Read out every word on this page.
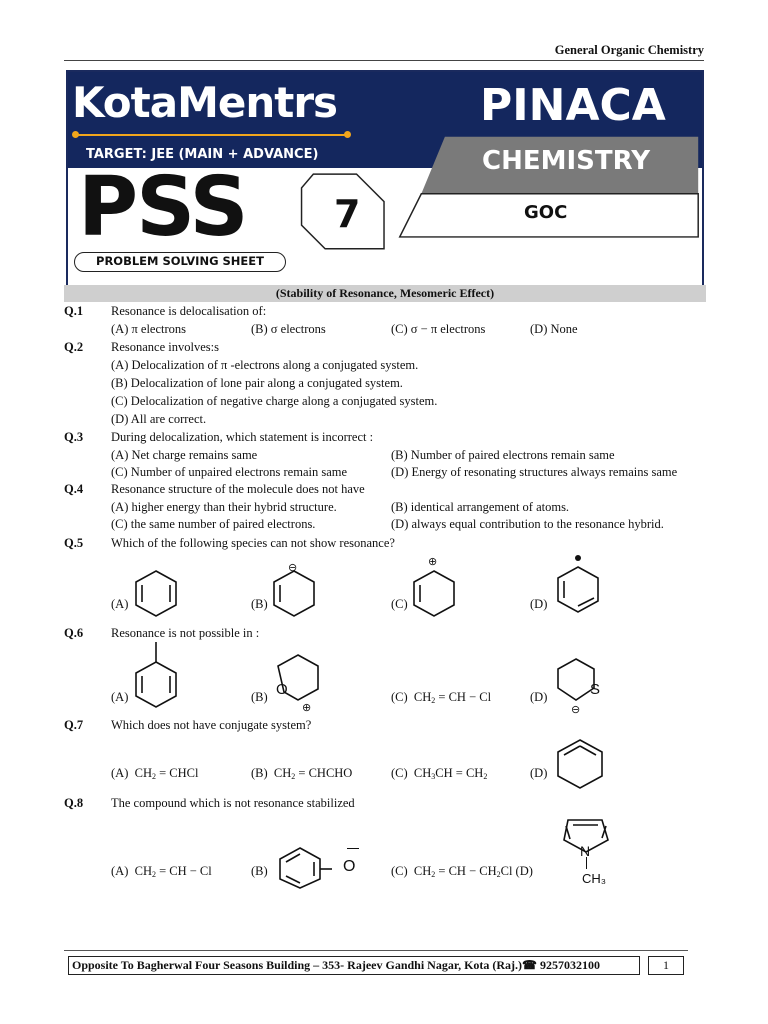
General Organic Chemistry
KotaMentrs
TARGET: JEE (MAIN + ADVANCE)
PINACA
CHEMISTRY
GOC
PSS 7
PROBLEM SOLVING SHEET
(Stability of Resonance, Mesomeric Effect)
Q.1 Resonance is delocalisation of:
(A) π electrons	(B) σ electrons	(C) σ − π electrons	(D) None
Q.2 Resonance involves:s
(A) Delocalization of π -electrons along a conjugated system.
(B) Delocalization of lone pair along a conjugated system.
(C) Delocalization of negative charge along a conjugated system.
(D) All are correct.
Q.3 During delocalization, which statement is incorrect :
(A) Net charge remains same	(B) Number of paired electrons remain same
(C) Number of unpaired electrons remain same	(D) Energy of resonating structures always remains same
Q.4 Resonance structure of the molecule does not have
(A) higher energy than their hybrid structure.	(B) identical arrangement of atoms.
(C) the same number of paired electrons.	(D) always equal contribution to the resonance hybrid.
Q.5 Which of the following species can not show resonance?
(A)	(B)
⊖
(C)
⊕
(D)
Q.6 Resonance is not possible in :
(A)	(B) O
⊕
(C)  $CH_2$ = CH − Cl	(D)	S
⊖
Q.7 Which does not have conjugate system?
(A)  $CH_2$ = CHCl	(B)  $CH_2$ = CHCHO	(C)  $CH_3CH = CH_2$	(D)
Q.8 The compound which is not resonance stabilized
(A)  $CH_2$ = CH − Cl	(B)	O	(C)  $CH_2$ = CH − $CH_2Cl$ (D)
N
CH₃
Opposite To Bagherwal Four Seasons Building – 353- Rajeev Gandhi Nagar, Kota (Raj.)☎ 9257032100	1
